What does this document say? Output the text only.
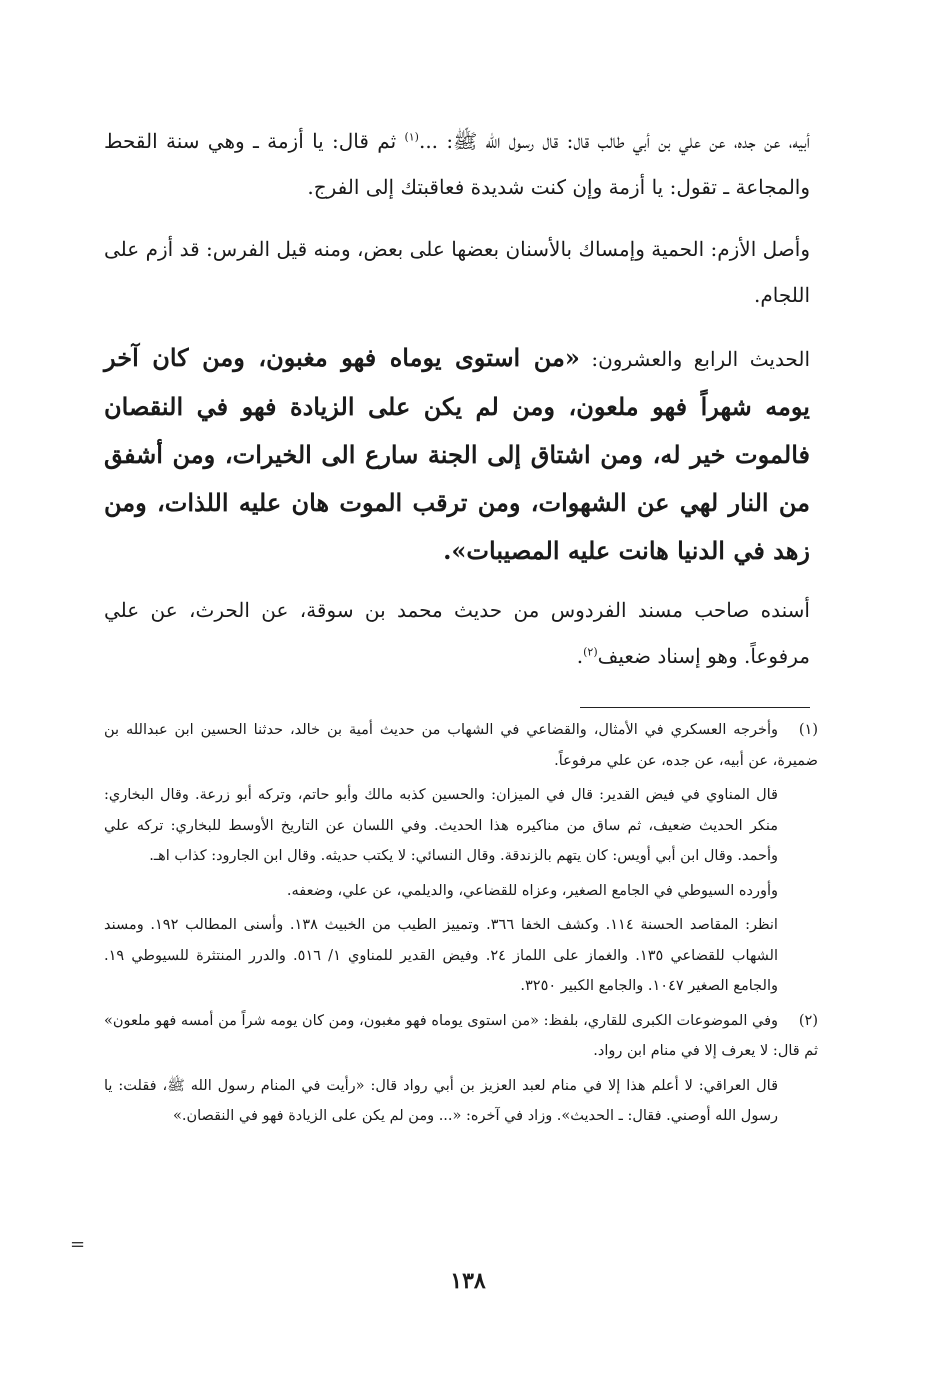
أبيه، عن جده، عن علي بن أبي طالب قال: قال رسول الله ﷺ: ...$^{(١)}$ ثم قال: يا أزمة ـ وهي سنة القحط والمجاعة ـ تقول: يا أزمة وإن كنت شديدة فعاقبتك إلى الفرج.

وأصل الأزم: الحمية وإمساك بالأسنان بعضها على بعض، ومنه قيل الفرس: قد أزم على اللجام.

الحديث الرابع والعشرون: «من استوى يوماه فهو مغبون، ومن كان آخر يومه شهراً فهو ملعون، ومن لم يكن على الزيادة فهو في النقصان فالموت خير له، ومن اشتاق إلى الجنة سارع الى الخيرات، ومن أشفق من النار لهي عن الشهوات، ومن ترقب الموت هان عليه اللذات، ومن زهد في الدنيا هانت عليه المصيبات».

أسنده صاحب مسند الفردوس من حديث محمد بن سوقة، عن الحرث، عن علي مرفوعاً. وهو إسناد ضعيف$^{(٢)}$.

(١)وأخرجه العسكري في الأمثال، والقضاعي في الشهاب من حديث أمية بن خالد، حدثنا الحسين ابن عبدالله بن ضميرة، عن أبيه، عن جده، عن علي مرفوعاً.

قال المناوي في فيض القدير: قال في الميزان: والحسين كذبه مالك وأبو حاتم، وتركه أبو زرعة. وقال البخاري: منكر الحديث ضعيف، ثم ساق من مناكيره هذا الحديث. وفي اللسان عن التاريخ الأوسط للبخاري: تركه علي وأحمد. وقال ابن أبي أويس: كان يتهم بالزندقة. وقال النسائي: لا يكتب حديثه. وقال ابن الجارود: كذاب اهـ.

وأورده السيوطي في الجامع الصغير، وعزاه للقضاعي، والديلمي، عن علي، وضعفه.

انظر: المقاصد الحسنة ١١٤. وكشف الخفا ٣٦٦. وتمييز الطيب من الخبيث ١٣٨. وأسنى المطالب ١٩٢. ومسند الشهاب للقضاعي ١٣٥. والغماز على اللماز ٢٤. وفيض القدير للمناوي ١/ ٥١٦. والدرر المنتثرة للسيوطي ١٩. والجامع الصغير ١٠٤٧. والجامع الكبير ٣٢٥٠.

(٢)وفي الموضوعات الكبرى للقاري، بلفظ: «من استوى يوماه فهو مغبون، ومن كان يومه شراً من أمسه فهو ملعون» ثم قال: لا يعرف إلا في منام ابن رواد.

قال العراقي: لا أعلم هذا إلا في منام لعبد العزيز بن أبي رواد قال: «رأيت في المنام رسول الله ﷺ، فقلت: يا رسول الله أوصني. فقال: ـ الحديث». وزاد في آخره: «... ومن لم يكن على الزيادة فهو في النقصان.»

=
١٣٨
